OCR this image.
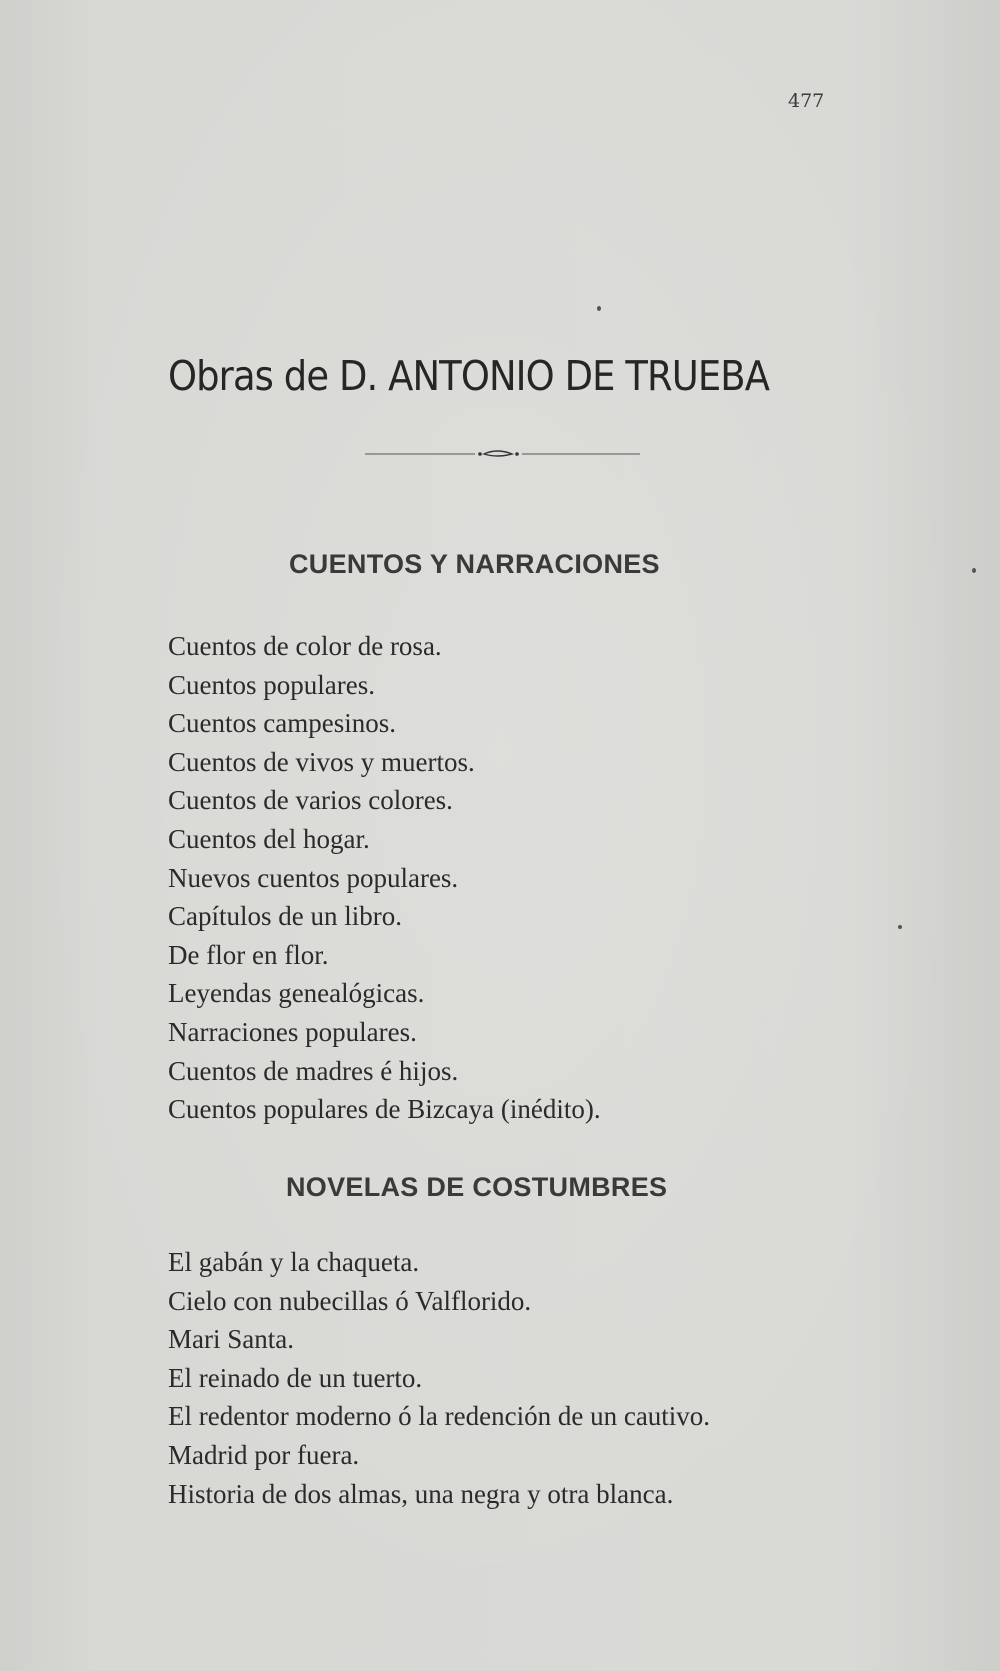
477
Obras de D. ANTONIO DE TRUEBA
CUENTOS Y NARRACIONES
Cuentos de color de rosa.
Cuentos populares.
Cuentos campesinos.
Cuentos de vivos y muertos.
Cuentos de varios colores.
Cuentos del hogar.
Nuevos cuentos populares.
Capítulos de un libro.
De flor en flor.
Leyendas genealógicas.
Narraciones populares.
Cuentos de madres é hijos.
Cuentos populares de Bizcaya (inédito).
NOVELAS DE COSTUMBRES
El gabán y la chaqueta.
Cielo con nubecillas ó Valflorido.
Mari Santa.
El reinado de un tuerto.
El redentor moderno ó la redención de un cautivo.
Madrid por fuera.
Historia de dos almas, una negra y otra blanca.
